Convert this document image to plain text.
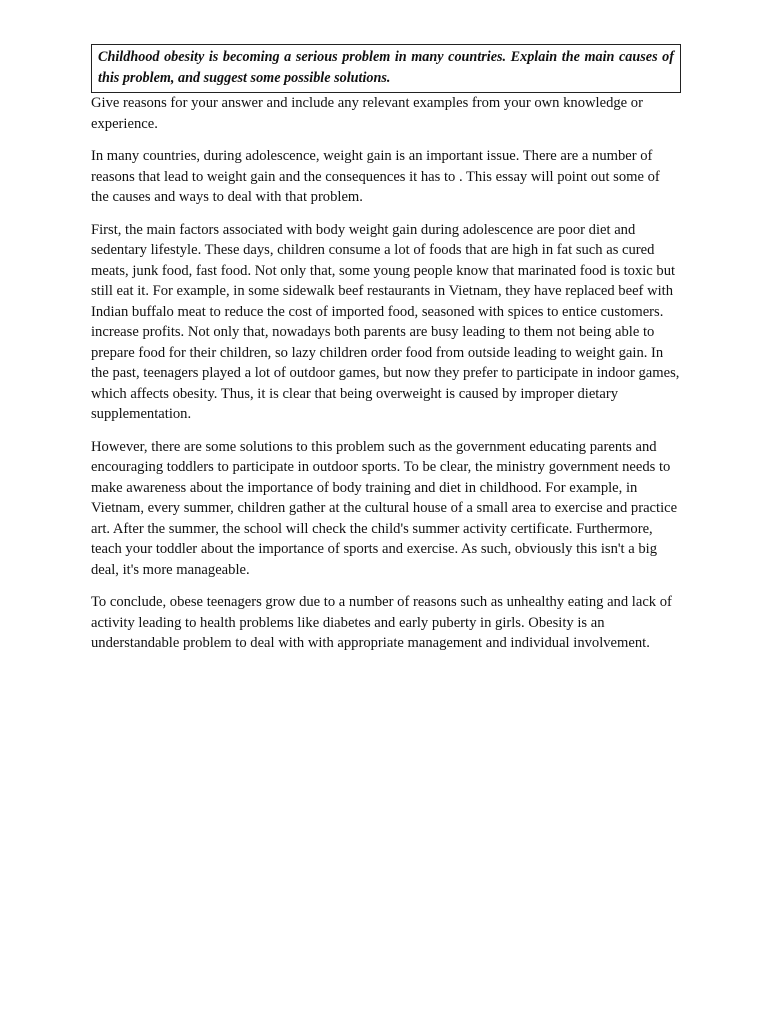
Childhood obesity is becoming a serious problem in many countries. Explain the main causes of this problem, and suggest some possible solutions.

Give reasons for your answer and include any relevant examples from your own knowledge or experience.

In many countries, during adolescence, weight gain is an important issue. There are a number of reasons that lead to weight gain and the consequences it has to . This essay will point out some of the causes and ways to deal with that problem.

First, the main factors associated with body weight gain during adolescence are poor diet and sedentary lifestyle. These days, children consume a lot of foods that are high in fat such as cured meats, junk food, fast food. Not only that, some young people know that marinated food is toxic but still eat it. For example, in some sidewalk beef restaurants in Vietnam, they have replaced beef with Indian buffalo meat to reduce the cost of imported food, seasoned with spices to entice customers. increase profits. Not only that, nowadays both parents are busy leading to them not being able to prepare food for their children, so lazy children order food from outside leading to weight gain. In the past, teenagers played a lot of outdoor games, but now they prefer to participate in indoor games, which affects obesity. Thus, it is clear that being overweight is caused by improper dietary supplementation.

However, there are some solutions to this problem such as the government educating parents and encouraging toddlers to participate in outdoor sports. To be clear, the ministry government needs to make awareness about the importance of body training and diet in childhood. For example, in Vietnam, every summer, children gather at the cultural house of a small area to exercise and practice art. After the summer, the school will check the child's summer activity certificate. Furthermore, teach your toddler about the importance of sports and exercise. As such, obviously this isn't a big deal, it's more manageable.

To conclude, obese teenagers grow due to a number of reasons such as unhealthy eating and lack of activity leading to health problems like diabetes and early puberty in girls. Obesity is an understandable problem to deal with with appropriate management and individual involvement.
